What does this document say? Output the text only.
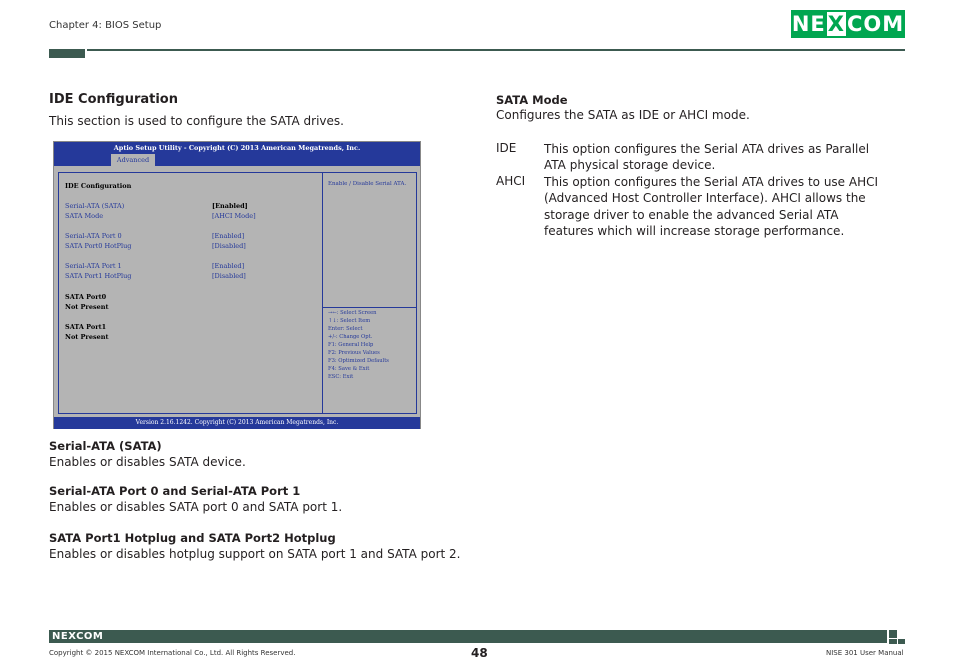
Chapter 4: BIOS Setup	NE X COM
IDE Configuration
This section is used to configure the SATA drives.
Aptio Setup Utility - Copyright (C) 2013 American Megatrends, Inc.
Advanced
IDE Configuration
Serial-ATA (SATA)	[Enabled]
SATA Mode	[AHCI Mode]
Serial-ATA Port 0	[Enabled]
SATA Port0 HotPlug	[Disabled]
Serial-ATA Port 1	[Enabled]
SATA Port1 HotPlug	[Disabled]
SATA Port0
Not Present
SATA Port1
Not Present
Enable / Disable Serial ATA.
→←: Select Screen
↑↓: Select Item
Enter: Select
+/-: Change Opt.
F1: General Help
F2: Previous Values
F3: Optimized Defaults
F4: Save & Exit
ESC: Exit
Version 2.16.1242. Copyright (C) 2013 American Megatrends, Inc.
Serial-ATA (SATA)
Enables or disables SATA device.
Serial-ATA Port 0 and Serial-ATA Port 1
Enables or disables SATA port 0 and SATA port 1.
SATA Port1 Hotplug and SATA Port2 Hotplug
Enables or disables hotplug support on SATA port 1 and SATA port 2.
SATA Mode
Configures the SATA as IDE or AHCI mode.
IDE This option configures the Serial ATA drives as Parallel ATA physical storage device.
AHCI This option configures the Serial ATA drives to use AHCI (Advanced Host Controller Interface). AHCI allows the storage driver to enable the advanced Serial ATA features which will increase storage performance.
NEXCOM
Copyright © 2015 NEXCOM International Co., Ltd. All Rights Reserved.	48	NISE 301 User Manual
